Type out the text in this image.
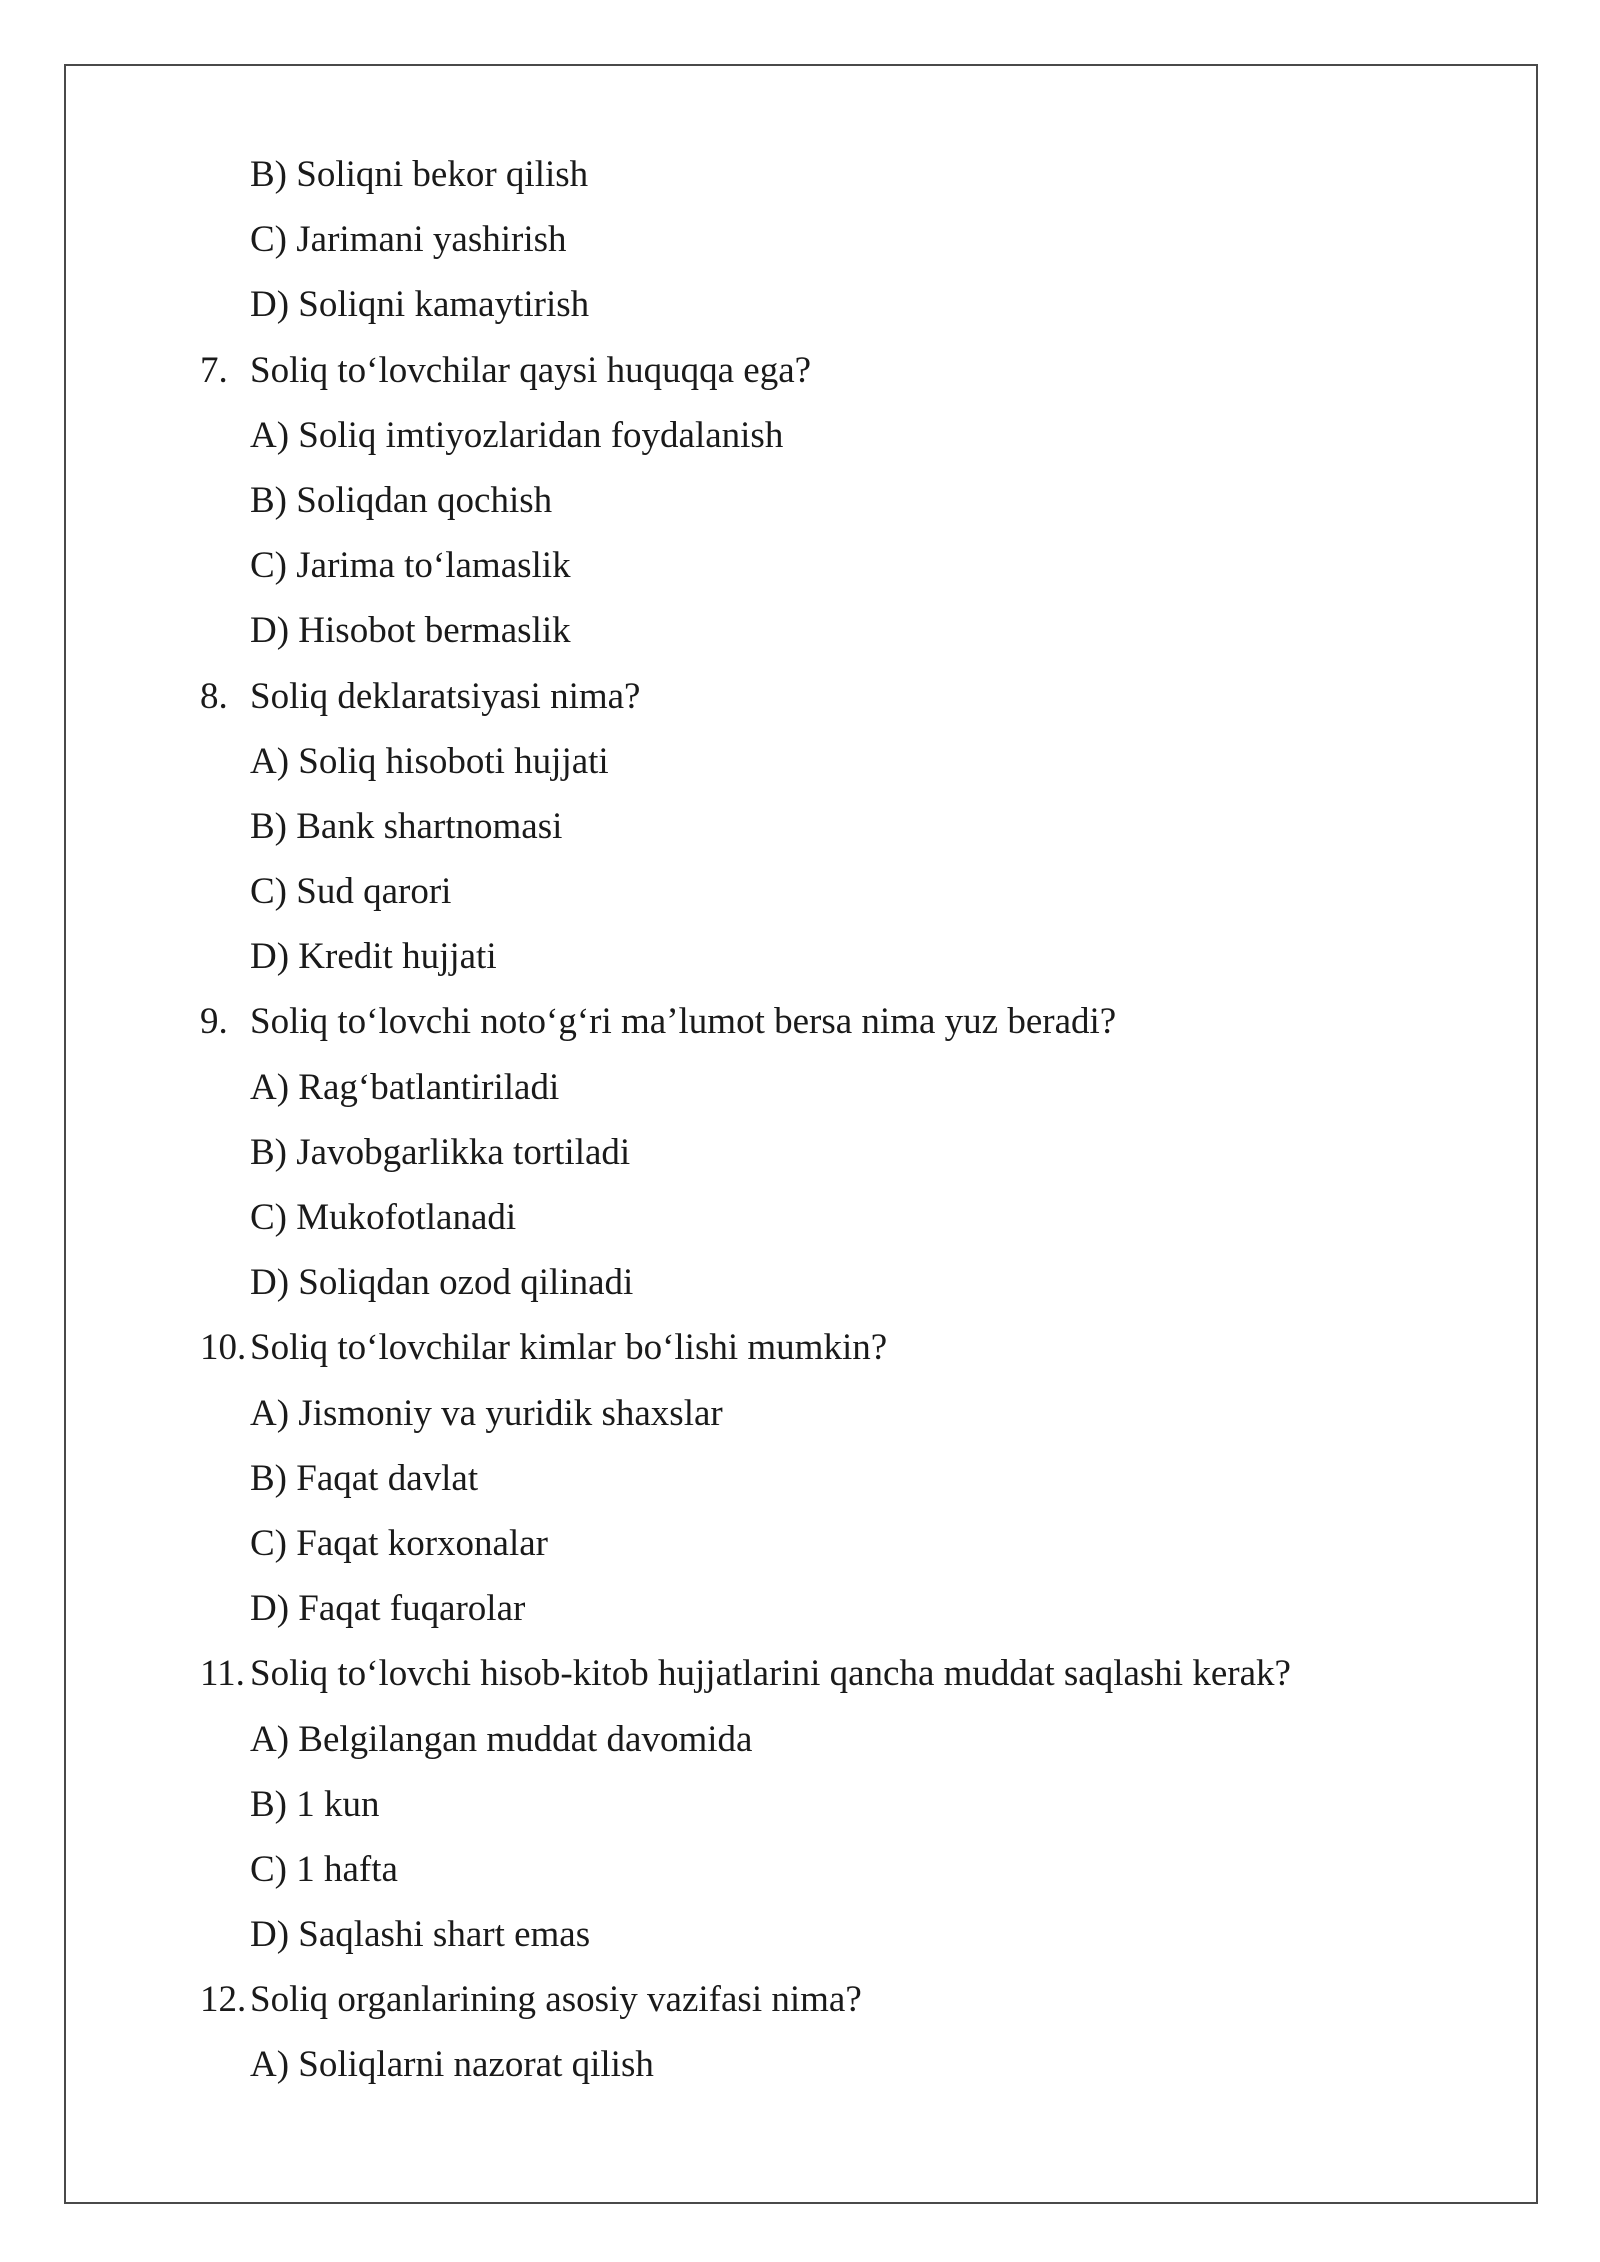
B) Soliqni bekor qilish
C) Jarimani yashirish
D) Soliqni kamaytirish
7. Soliq to‘lovchilar qaysi huquqqa ega?
A) Soliq imtiyozlaridan foydalanish
B) Soliqdan qochish
C) Jarima to‘lamaslik
D) Hisobot bermaslik
8. Soliq deklaratsiyasi nima?
A) Soliq hisoboti hujjati
B) Bank shartnomasi
C) Sud qarori
D) Kredit hujjati
9. Soliq to‘lovchi noto‘g‘ri ma’lumot bersa nima yuz beradi?
A) Rag‘batlantiriladi
B) Javobgarlikka tortiladi
C) Mukofotlanadi
D) Soliqdan ozod qilinadi
10. Soliq to‘lovchilar kimlar bo‘lishi mumkin?
A) Jismoniy va yuridik shaxslar
B) Faqat davlat
C) Faqat korxonalar
D) Faqat fuqarolar
11. Soliq to‘lovchi hisob-kitob hujjatlarini qancha muddat saqlashi kerak?
A) Belgilangan muddat davomida
B) 1 kun
C) 1 hafta
D) Saqlashi shart emas
12. Soliq organlarining asosiy vazifasi nima?
A) Soliqlarni nazorat qilish
